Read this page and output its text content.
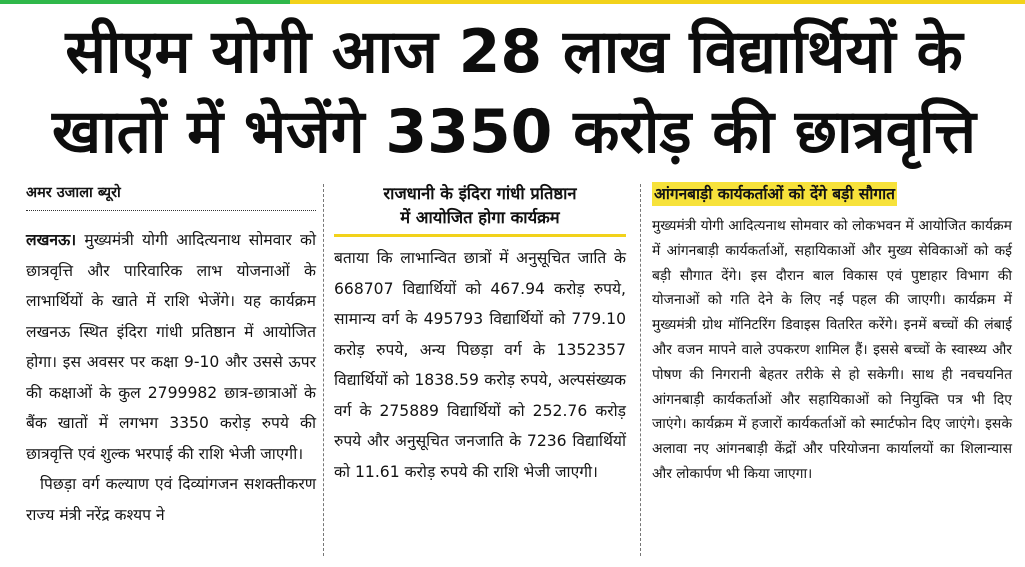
सीएम योगी आज 28 लाख विद्यार्थियों के
खातों में भेजेंगे 3350 करोड़ की छात्रवृत्ति
अमर उजाला ब्यूरो

लखनऊ। मुख्यमंत्री योगी आदित्यनाथ सोमवार को छात्रवृत्ति और पारिवारिक लाभ योजनाओं के लाभार्थियों के खाते में राशि भेजेंगे। यह कार्यक्रम लखनऊ स्थित इंदिरा गांधी प्रतिष्ठान में आयोजित होगा। इस अवसर पर कक्षा 9-10 और उससे ऊपर की कक्षाओं के कुल 2799982 छात्र-छात्राओं के बैंक खातों में लगभग 3350 करोड़ रुपये की छात्रवृत्ति एवं शुल्क भरपाई की राशि भेजी जाएगी।

पिछड़ा वर्ग कल्याण एवं दिव्यांगजन सशक्तीकरण राज्य मंत्री नरेंद्र कश्यप ने

राजधानी के इंदिरा गांधी प्रतिष्ठान
में आयोजित होगा कार्यक्रम

बताया कि लाभान्वित छात्रों में अनुसूचित जाति के 668707 विद्यार्थियों को 467.94 करोड़ रुपये, सामान्य वर्ग के 495793 विद्यार्थियों को 779.10 करोड़ रुपये, अन्य पिछड़ा वर्ग के 1352357 विद्यार्थियों को 1838.59 करोड़ रुपये, अल्पसंख्यक वर्ग के 275889 विद्यार्थियों को 252.76 करोड़ रुपये और अनुसूचित जनजाति के 7236 विद्यार्थियों को 11.61 करोड़ रुपये की राशि भेजी जाएगी।

आंगनबाड़ी कार्यकर्ताओं को देंगे बड़ी सौगात

मुख्यमंत्री योगी आदित्यनाथ सोमवार को लोकभवन में आयोजित कार्यक्रम में आंगनबाड़ी कार्यकर्ताओं, सहायिकाओं और मुख्य सेविकाओं को कई बड़ी सौगात देंगे। इस दौरान बाल विकास एवं पुष्टाहार विभाग की योजनाओं को गति देने के लिए नई पहल की जाएगी। कार्यक्रम में मुख्यमंत्री ग्रोथ मॉनिटरिंग डिवाइस वितरित करेंगे। इनमें बच्चों की लंबाई और वजन मापने वाले उपकरण शामिल हैं। इससे बच्चों के स्वास्थ्य और पोषण की निगरानी बेहतर तरीके से हो सकेगी। साथ ही नवचयनित आंगनबाड़ी कार्यकर्ताओं और सहायिकाओं को नियुक्ति पत्र भी दिए जाएंगे। कार्यक्रम में हजारों कार्यकर्ताओं को स्मार्टफोन दिए जाएंगे। इसके अलावा नए आंगनबाड़ी केंद्रों और परियोजना कार्यालयों का शिलान्यास और लोकार्पण भी किया जाएगा।
